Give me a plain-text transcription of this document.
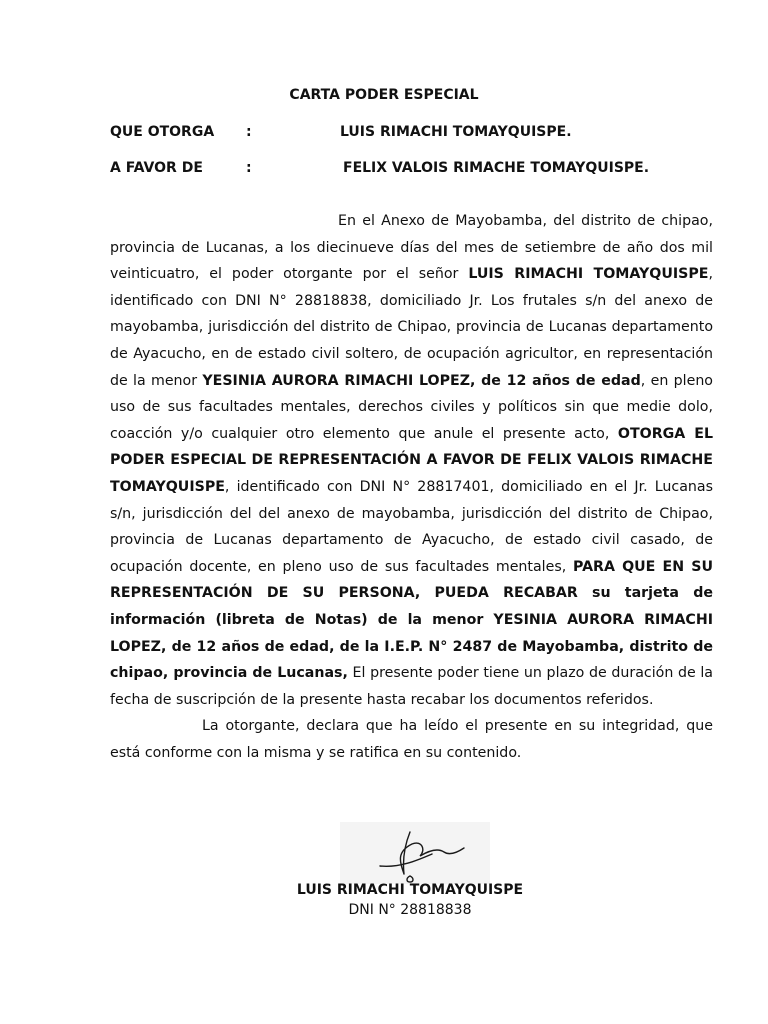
CARTA PODER ESPECIAL
QUE OTORGA :	LUIS RIMACHI TOMAYQUISPE.
A FAVOR DE	:	FELIX VALOIS RIMACHE TOMAYQUISPE.

En el Anexo de Mayobamba, del distrito de chipao, provincia de Lucanas, a los diecinueve días del mes de setiembre de año dos mil veinticuatro, el poder otorgante por el señor LUIS RIMACHI TOMAYQUISPE, identificado con DNI N° 28818838, domiciliado Jr. Los frutales s/n del anexo de mayobamba, jurisdicción del distrito de Chipao, provincia de Lucanas departamento de Ayacucho, en de estado civil soltero, de ocupación agricultor, en representación de la menor YESINIA AURORA RIMACHI LOPEZ, de 12 años de edad, en pleno uso de sus facultades mentales, derechos civiles y políticos sin que medie dolo, coacción y/o cualquier otro elemento que anule el presente acto, OTORGA EL PODER ESPECIAL DE REPRESENTACIÓN A FAVOR DE FELIX VALOIS RIMACHE TOMAYQUISPE, identificado con DNI N° 28817401, domiciliado en el Jr. Lucanas s/n, jurisdicción del del anexo de mayobamba, jurisdicción del distrito de Chipao, provincia de Lucanas departamento de Ayacucho, de estado civil casado, de ocupación docente, en pleno uso de sus facultades mentales, PARA QUE EN SU REPRESENTACIÓN DE SU PERSONA, PUEDA RECABAR su tarjeta de información (libreta de Notas) de la menor YESINIA AURORA RIMACHI LOPEZ, de 12 años de edad, de la I.E.P. N° 2487 de Mayobamba, distrito de chipao, provincia de Lucanas, El presente poder tiene un plazo de duración de la fecha de suscripción de la presente hasta recabar los documentos referidos.

La otorgante, declara que ha leído el presente en su integridad, que está conforme con la misma y se ratifica en su contenido.

LUIS RIMACHI TOMAYQUISPE
DNI N° 28818838
